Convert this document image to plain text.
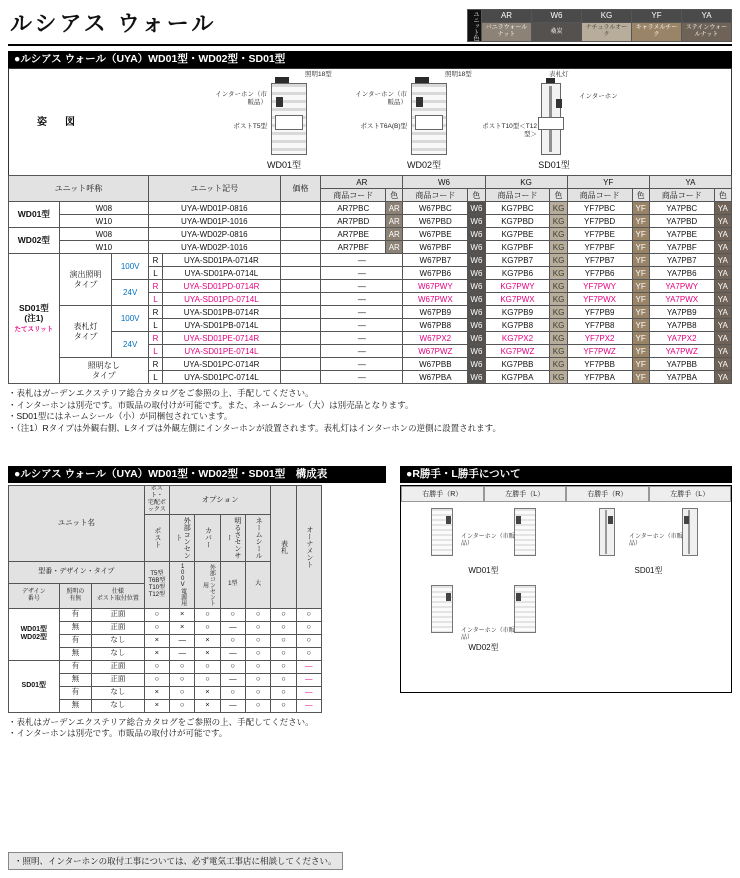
ルシアス ウォール	ユニット色	AR
バニラウォールナット
W6
桑炭
KG
ナチュラルオーク
YF
キャラメルチーク
YA
ステインウォールナット
●ルシアス ウォール（UYA）WD01型・WD02型・SD01型
姿　図
照明18型
インターホン（市販品）
ポストT5型
WD01型
照明18型
インターホン（市販品）
ポストT6A(B)型
WD02型
表札灯
ポストT10型＜T12型＞
インターホン
SD01型
ユニット呼称			ユニット記号		価格	AR		W6		KG		YF		YA	
						商品コード	色	商品コード	色	商品コード	色	商品コード	色	商品コード	色
WD01型	W08		UYA-WD01P-0816			AR7PBC	AR	W67PBC	W6	KG7PBC	KG	YF7PBC	YF	YA7PBC	YA
	W10		UYA-WD01P-1016			AR7PBD	AR	W67PBD	W6	KG7PBD	KG	YF7PBD	YF	YA7PBD	YA
WD02型	W08		UYA-WD02P-0816			AR7PBE	AR	W67PBE	W6	KG7PBE	KG	YF7PBE	YF	YA7PBE	YA
	W10		UYA-WD02P-1016			AR7PBF	AR	W67PBF	W6	KG7PBF	KG	YF7PBF	YF	YA7PBF	YA
SD01型
(注1)
たてスリット	演出照明
タイプ	100V	R	UYA-SD01PA-0714R		—		W67PB7	W6	KG7PB7	KG	YF7PB7	YF	YA7PB7	YA
			L	UYA-SD01PA-0714L		—		W67PB6	W6	KG7PB6	KG	YF7PB6	YF	YA7PB6	YA
		24V	R	UYA-SD01PD-0714R		—		W67PWY	W6	KG7PWY	KG	YF7PWY	YF	YA7PWY	YA
			L	UYA-SD01PD-0714L		—		W67PWX	W6	KG7PWX	KG	YF7PWX	YF	YA7PWX	YA
	表札灯
タイプ	100V	R	UYA-SD01PB-0714R		—		W67PB9	W6	KG7PB9	KG	YF7PB9	YF	YA7PB9	YA
			L	UYA-SD01PB-0714L		—		W67PB8	W6	KG7PB8	KG	YF7PB8	YF	YA7PB8	YA
		24V	R	UYA-SD01PE-0714R		—		W67PX2	W6	KG7PX2	KG	YF7PX2	YF	YA7PX2	YA
			L	UYA-SD01PE-0714L		—		W67PWZ	W6	KG7PWZ	KG	YF7PWZ	YF	YA7PWZ	YA
	照明なし
タイプ		R	UYA-SD01PC-0714R		—		W67PBB	W6	KG7PBB	KG	YF7PBB	YF	YA7PBB	YA
			L	UYA-SD01PC-0714L		—		W67PBA	W6	KG7PBA	KG	YF7PBA	YF	YA7PBA	YA
・表札はガーデンエクステリア総合カタログをご参照の上、手配してください。
・インターホンは別売です。市販品の取付けが可能です。また、ネームシール（大）は別売品となります。
・SD01型にはネームシール（小）が同梱包されています。
・（注1）Rタイプは外観右側、Lタイプは外観左側にインターホンが設置されます。表札灯はインターホンの逆側に設置されます。
●ルシアス ウォール（UYA）WD01型・WD02型・SD01型　構成表
ユニット名			ポスト・
宅配ボックス	オプション				表札	オーナメント
			ポスト	外部コンセント	カバー	明るさセンサー	ネームシール		
型番・デザイン・タイプ			T5型
T6B型
T10型
T12型	100V電源用	外部コンセント用	1型	大		
デザイン
番号	照明の
有無	仕様
ポスト取付位置							
WD01型
WD02型	有	正面	○	×	○	○	○	○	○
	無	正面	○	×	○	—	○	○	○
	有	なし	×	—	×	○	○	○	○
	無	なし	×	—	×	—	○	○	○
SD01型	有	正面	○	○	○	○	○	○	—
	無	正面	○	○	○	—	○	○	—
	有	なし	×	○	×	○	○	○	—
	無	なし	×	○	×	—	○	○	—
・表札はガーデンエクステリア総合カタログをご参照の上、手配してください。
・インターホンは別売です。市販品の取付けが可能です。
●R勝手・L勝手について
右勝手（R）	左勝手（L）	右勝手（R）	左勝手（L）
WD01型	SD01型
WD02型
インターホン（市販品）
インターホン（市販品）
インターホン（市販品）
・照明、インターホンの取付工事については、必ず電気工事店に相談してください。
